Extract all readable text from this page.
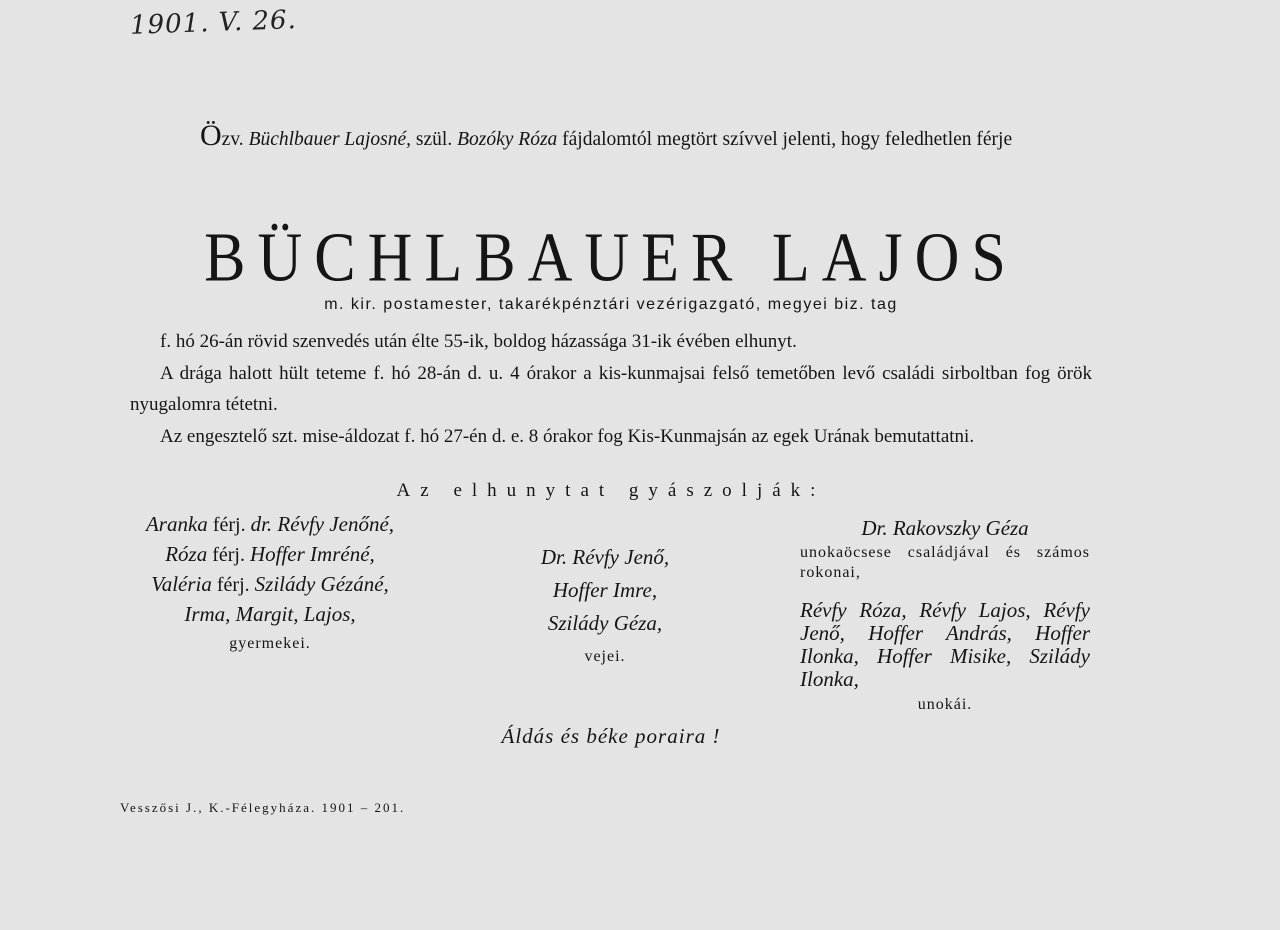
1901. V. 26.
Özv. Büchlbauer Lajosné, szül. Bozóky Róza fájdalomtól megtört szívvel jelenti, hogy feledhetlen férje
BÜCHLBAUER LAJOS
m. kir. postamester, takarékpénztári vezérigazgató, megyei biz. tag

f. hó 26-án rövid szenvedés után élte 55-ik, boldog házassága 31-ik évében elhunyt.

A drága halott hült teteme f. hó 28-án d. u. 4 órakor a kis-kunmajsai felső temetőben levő családi sirboltban fog örök nyugalomra tétetni.

Az engesztelő szt. mise-áldozat f. hó 27-én d. e. 8 órakor fog Kis-Kunmajsán az egek Urának bemutattatni.

Az elhunytat gyászolják:
Aranka férj. dr. Révfy Jenőné,
Róza férj. Hoffer Imréné,
Valéria férj. Szilády Gézáné,
Irma, Margit, Lajos,
gyermekei.
Dr. Révfy Jenő,
Hoffer Imre,
Szilády Géza,
vejei.
Dr. Rakovszky Géza
unokaöcsese családjával és számos rokonai,
Révfy Róza, Révfy Lajos, Révfy Jenő, Hoffer András, Hoffer Ilonka, Hoffer Misike, Szilády Ilonka,
unokái.
Áldás és béke poraira !
Vesszősi J., K.-Félegyháza. 1901 – 201.
